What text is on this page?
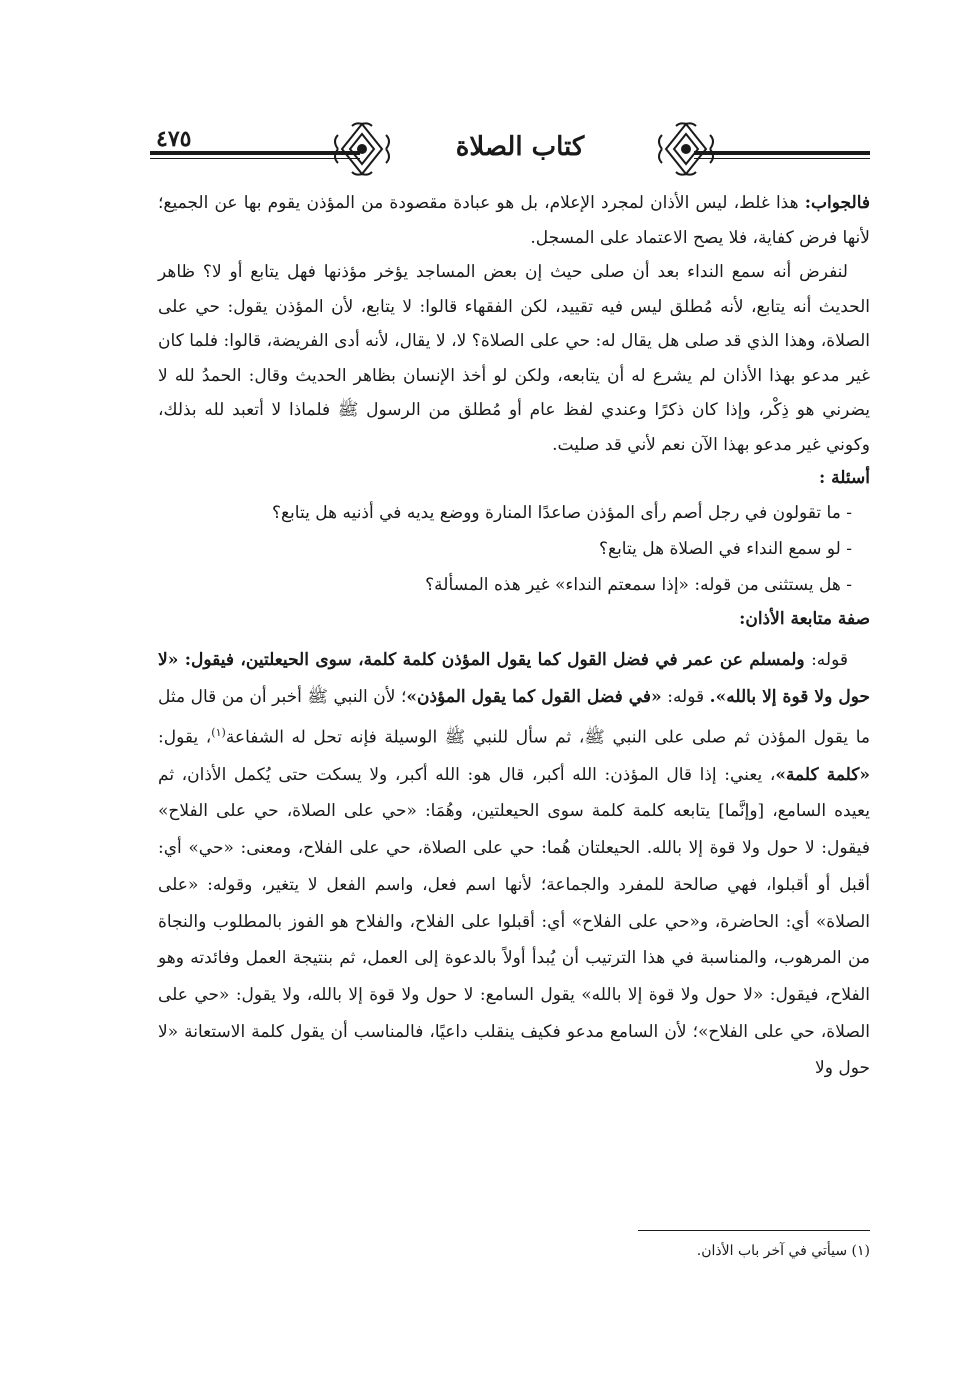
٤٧٥	كتاب الصلاة

فالجواب: هذا غلط، ليس الأذان لمجرد الإعلام، بل هو عبادة مقصودة من المؤذن يقوم بها عن الجميع؛ لأنها فرض كفاية، فلا يصح الاعتماد على المسجل.

لنفرض أنه سمع النداء بعد أن صلى حيث إن بعض المساجد يؤخر مؤذنها فهل يتابع أو لا؟ ظاهر الحديث أنه يتابع، لأنه مُطلق ليس فيه تقييد، لكن الفقهاء قالوا: لا يتابع، لأن المؤذن يقول: حي على الصلاة، وهذا الذي قد صلى هل يقال له: حي على الصلاة؟ لا، لا يقال، لأنه أدى الفريضة، قالوا: فلما كان غير مدعو بهذا الأذان لم يشرع له أن يتابعه، ولكن لو أخذ الإنسان بظاهر الحديث وقال: الحمدُ لله لا يضرني هو ذِكْر، وإذا كان ذكرًا وعندي لفظ عام أو مُطلق من الرسول ﷺ فلماذا لا أتعبد لله بذلك، وكوني غير مدعو بهذا الآن نعم لأني قد صليت.

أسئلة :
- ما تقولون في رجل أصم رأى المؤذن صاعدًا المنارة ووضع يديه في أذنيه هل يتابع؟
- لو سمع النداء في الصلاة هل يتابع؟
- هل يستثنى من قوله: «إذا سمعتم النداء» غير هذه المسألة؟
صفة متابعة الأذان:

قوله: ولمسلم عن عمر في فضل القول كما يقول المؤذن كلمة كلمة، سوى الحيعلتين، فيقول: «لا حول ولا قوة إلا بالله». قوله: «في فضل القول كما يقول المؤذن»؛ لأن النبي ﷺ أخبر أن من قال مثل ما يقول المؤذن ثم صلى على النبي ﷺ، ثم سأل للنبي ﷺ الوسيلة فإنه تحل له الشفاعة$^{(١)}$، يقول: «كلمة كلمة»، يعني: إذا قال المؤذن: الله أكبر، قال هو: الله أكبر، ولا يسكت حتى يُكمل الأذان، ثم يعيده السامع، [وإنَّما] يتابعه كلمة كلمة سوى الحيعلتين، وهُمَا: «حي على الصلاة، حي على الفلاح» فيقول: لا حول ولا قوة إلا بالله. الحيعلتان هُما: حي على الصلاة، حي على الفلاح، ومعنى: «حي» أي: أقبل أو أقبلوا، فهي صالحة للمفرد والجماعة؛ لأنها اسم فعل، واسم الفعل لا يتغير، وقوله: «على الصلاة» أي: الحاضرة، و«حي على الفلاح» أي: أقبلوا على الفلاح، والفلاح هو الفوز بالمطلوب والنجاة من المرهوب، والمناسبة في هذا الترتيب أن يُبدأ أولاً بالدعوة إلى العمل، ثم بنتيجة العمل وفائدته وهو الفلاح، فيقول: «لا حول ولا قوة إلا بالله» يقول السامع: لا حول ولا قوة إلا بالله، ولا يقول: «حي على الصلاة، حي على الفلاح»؛ لأن السامع مدعو فكيف ينقلب داعيًا، فالمناسب أن يقول كلمة الاستعانة «لا حول ولا

(١) سيأتي في آخر باب الأذان.
